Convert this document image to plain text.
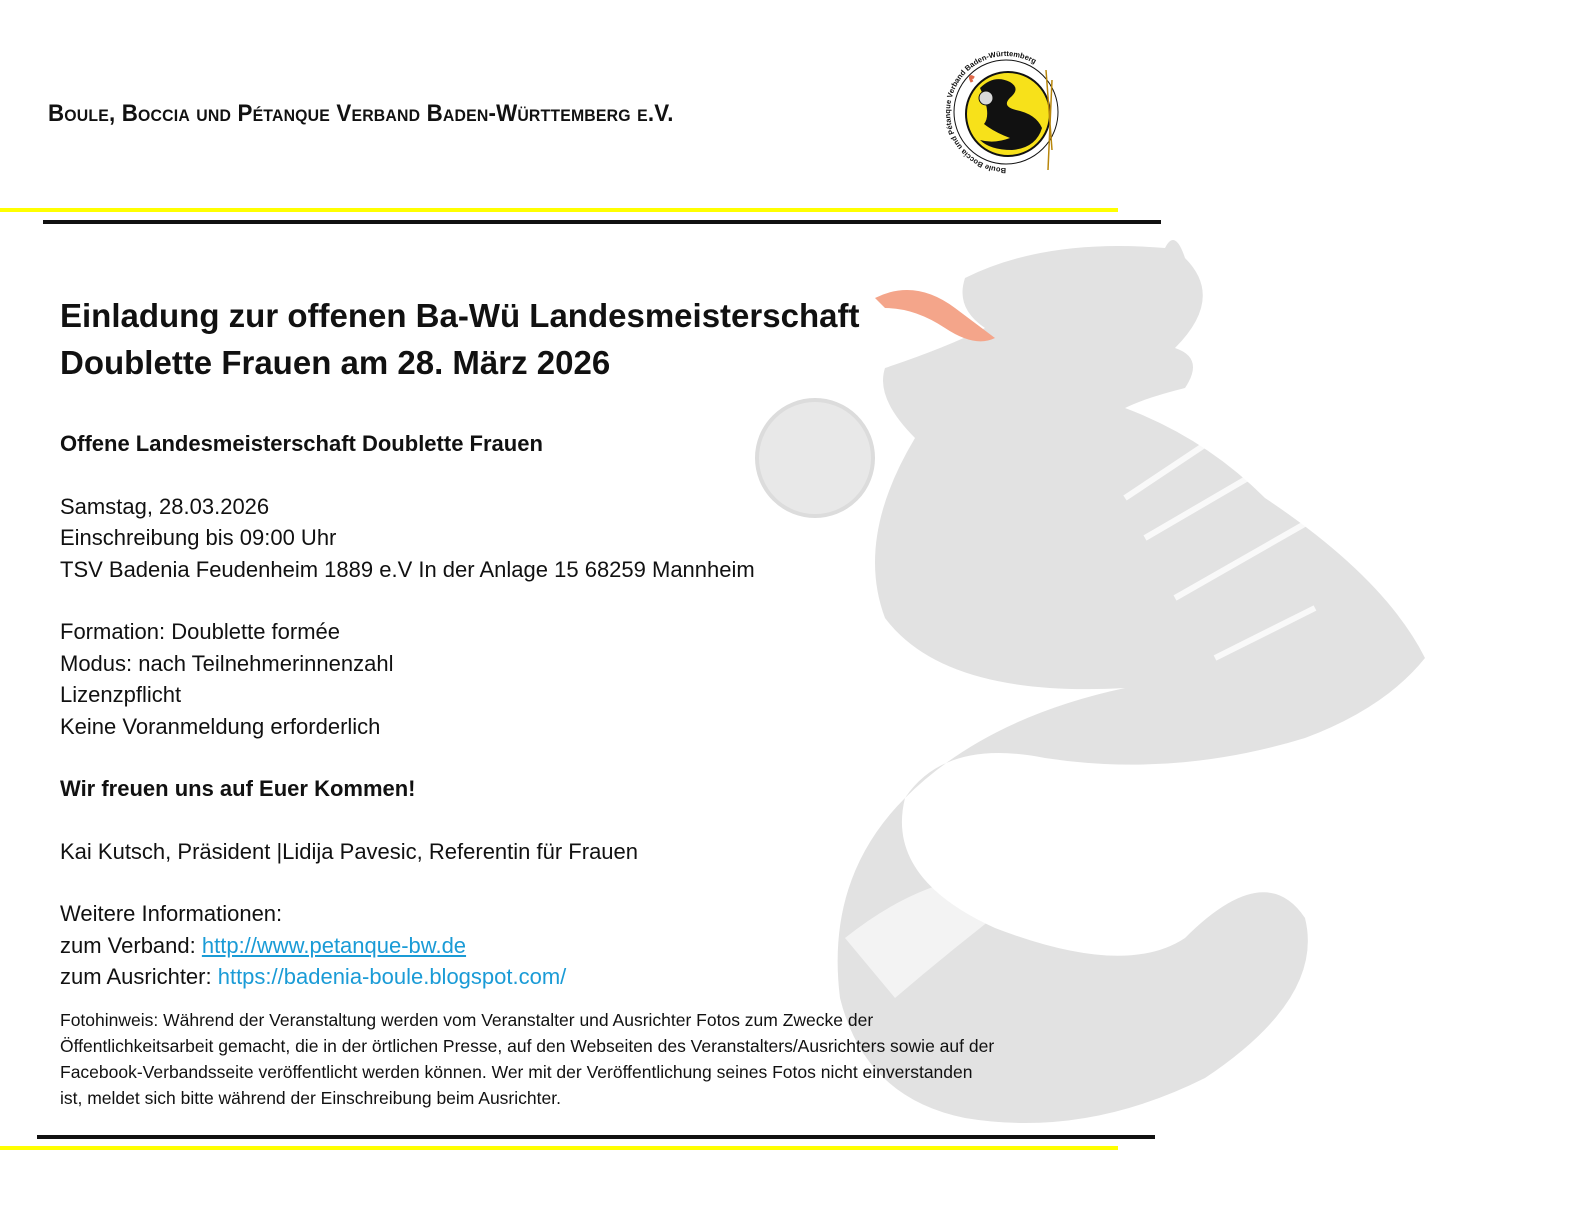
Boule, Boccia und Pétanque Verband Baden-Württemberg e.V.
Boule Boccia und Pétanque Verband Baden-Württemberg
Einladung zur offenen Ba-Wü Landesmeisterschaft
Doublette Frauen am 28. März 2026

Offene Landesmeisterschaft Doublette Frauen

Samstag, 28.03.2026

Einschreibung bis 09:00 Uhr

TSV Badenia Feudenheim 1889 e.V In der Anlage 15 68259 Mannheim

Formation: Doublette formée

Modus: nach Teilnehmerinnenzahl

Lizenzpflicht

Keine Voranmeldung erforderlich

Wir freuen uns auf Euer Kommen!

Kai Kutsch, Präsident |Lidija Pavesic, Referentin für Frauen

Weitere Informationen:

zum Verband: http://www.petanque-bw.de

zum Ausrichter: https://badenia-boule.blogspot.com/

Fotohinweis: Während der Veranstaltung werden vom Veranstalter und Ausrichter Fotos zum Zwecke der

Öffentlichkeitsarbeit gemacht, die in der örtlichen Presse, auf den Webseiten des Veranstalters/Ausrichters sowie auf der

Facebook-Verbandsseite veröffentlicht werden können. Wer mit der Veröffentlichung seines Fotos nicht einverstanden

ist, meldet sich bitte während der Einschreibung beim Ausrichter.
